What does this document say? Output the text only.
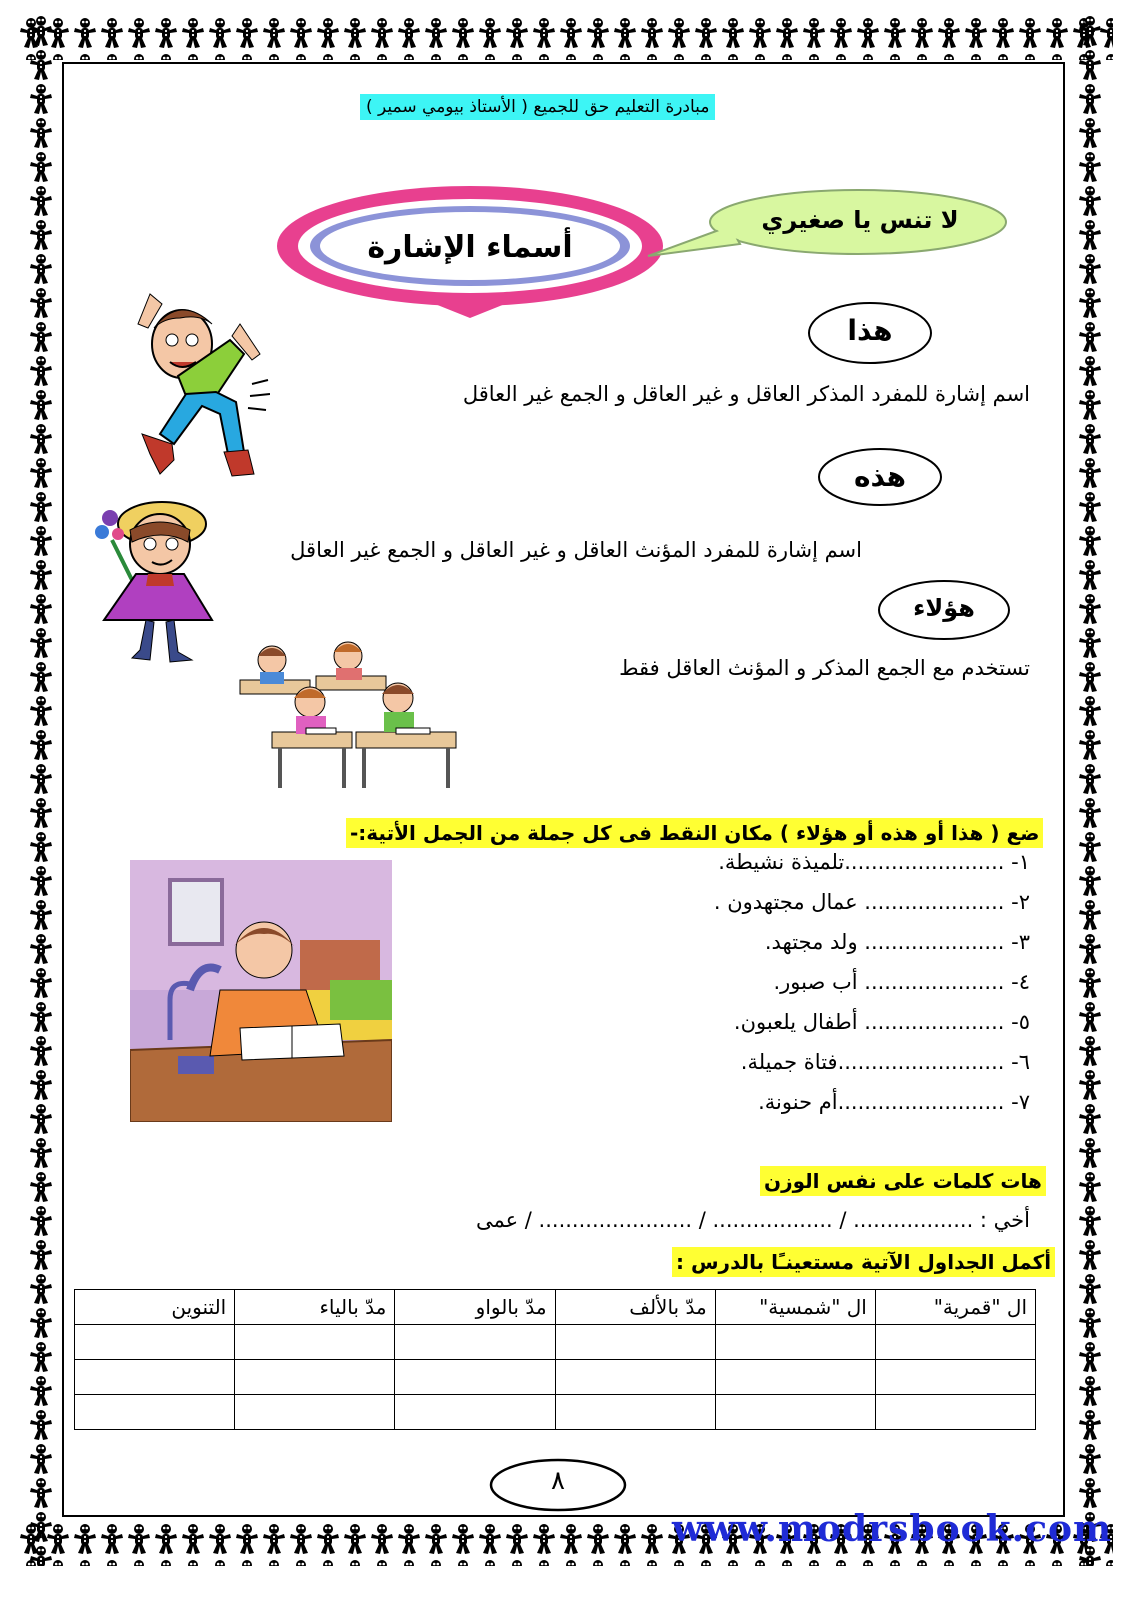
مبادرة التعليم حق للجميع ( الأستاذ بيومي سمير )
أسماء الإشارة
لا تنس يا صغيري
هذا
اسم إشارة للمفرد المذكر العاقل و غير العاقل و الجمع غير العاقل
هذه
اسم إشارة للمفرد المؤنث العاقل و غير العاقل و الجمع غير العاقل
هؤلاء
تستخدم مع الجمع المذكر و المؤنث العاقل فقط
ضع ( هذا أو هذه أو هؤلاء ) مكان النقط فى كل جملة من الجمل الأتية:-
١- ........................تلميذة نشيطة.
٢- ..................... عمال مجتهدون .
٣- ..................... ولد مجتهد.
٤- ..................... أب صبور.
٥- ..................... أطفال يلعبون.
٦- .........................فتاة جميلة.
٧- .........................أم حنونة.
هات كلمات على نفس الوزن
أخي : .................. / .................. / ....................... / عمى
أكمل الجداول الآتية مستعينـًا بالدرس :
ال "قمرية"	ال "شمسية"	مدّ بالألف	مدّ بالواو	مدّ بالياء	التنوين

٨
www.modrsbook.com
